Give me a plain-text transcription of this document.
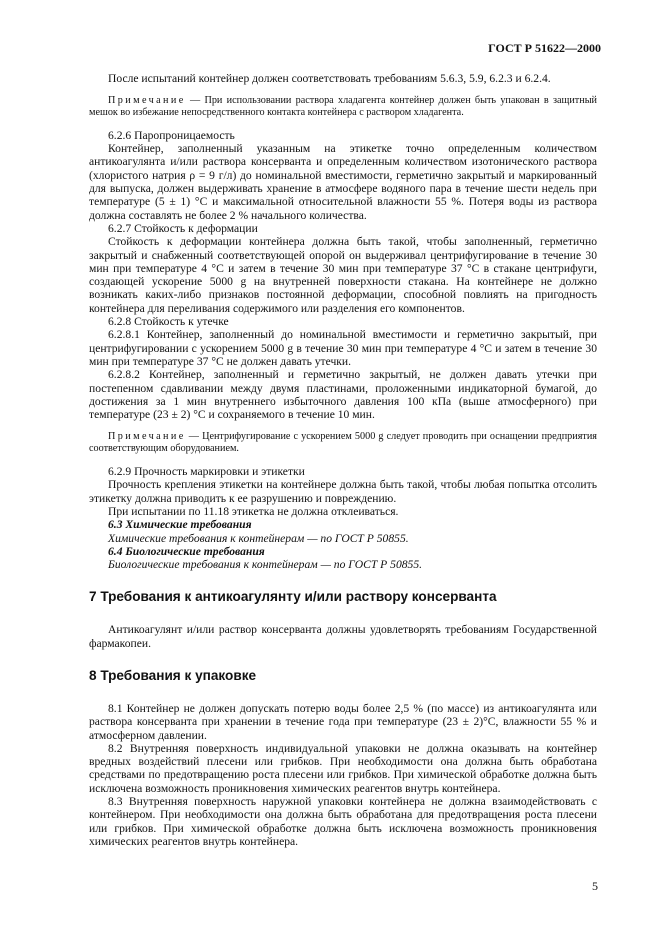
ГОСТ Р 51622—2000

После испытаний контейнер должен соответствовать требованиям 5.6.3, 5.9, 6.2.3 и 6.2.4.

Примечание — При использовании раствора хладагента контейнер должен быть упакован в защитный мешок во избежание непосредственного контакта контейнера с раствором хладагента.

6.2.6 Паропроницаемость

Контейнер, заполненный указанным на этикетке точно определенным количеством антикоагулянта и/или раствора консерванта и определенным количеством изотонического раствора (хлористого натрия ρ = 9 г/л) до номинальной вместимости, герметично закрытый и маркированный для выпуска, должен выдерживать хранение в атмосфере водяного пара в течение шести недель при температуре (5 ± 1) °С и максимальной относительной влажности 55 %. Потеря воды из раствора должна составлять не более 2 % начального количества.

6.2.7 Стойкость к деформации

Стойкость к деформации контейнера должна быть такой, чтобы заполненный, герметично закрытый и снабженный соответствующей опорой он выдерживал центрифугирование в течение 30 мин при температуре 4 °С и затем в течение 30 мин при температуре 37 °С в стакане центрифуги, создающей ускорение 5000 g на внутренней поверхности стакана. На контейнере не должно возникать каких-либо признаков постоянной деформации, способной повлиять на пригодность контейнера для переливания содержимого или разделения его компонентов.

6.2.8 Стойкость к утечке

6.2.8.1 Контейнер, заполненный до номинальной вместимости и герметично закрытый, при центрифугировании с ускорением 5000 g в течение 30 мин при температуре 4 °С и затем в течение 30 мин при температуре 37 °С не должен давать утечки.

6.2.8.2 Контейнер, заполненный и герметично закрытый, не должен давать утечки при постепенном сдавливании между двумя пластинами, проложенными индикаторной бумагой, до достижения за 1 мин внутреннего избыточного давления 100 кПа (выше атмосферного) при температуре (23 ± 2) °С и сохраняемого в течение 10 мин.

Примечание — Центрифугирование с ускорением 5000 g следует проводить при оснащении предприятия соответствующим оборудованием.

6.2.9 Прочность маркировки и этикетки

Прочность крепления этикетки на контейнере должна быть такой, чтобы любая попытка отсолить этикетку должна приводить к ее разрушению и повреждению.

При испытании по 11.18 этикетка не должна отклеиваться.

6.3 Химические требования

Химические требования к контейнерам — по ГОСТ Р 50855.

6.4 Биологические требования

Биологические требования к контейнерам — по ГОСТ Р 50855.

7 Требования к антикоагулянту и/или раствору консерванта

Антикоагулянт и/или раствор консерванта должны удовлетворять требованиям Государственной фармакопеи.

8 Требования к упаковке

8.1 Контейнер не должен допускать потерю воды более 2,5 % (по массе) из антикоагулянта или раствора консерванта при хранении в течение года при температуре (23 ± 2)°С, влажности 55 % и атмосферном давлении.

8.2 Внутренняя поверхность индивидуальной упаковки не должна оказывать на контейнер вредных воздействий плесени или грибков. При необходимости она должна быть обработана средствами по предотвращению роста плесени или грибков. При химической обработке должна быть исключена возможность проникновения химических реагентов внутрь контейнера.

8.3 Внутренняя поверхность наружной упаковки контейнера не должна взаимодействовать с контейнером. При необходимости она должна быть обработана для предотвращения роста плесени или грибков. При химической обработке должна быть исключена возможность проникновения химических реагентов внутрь контейнера.

5
